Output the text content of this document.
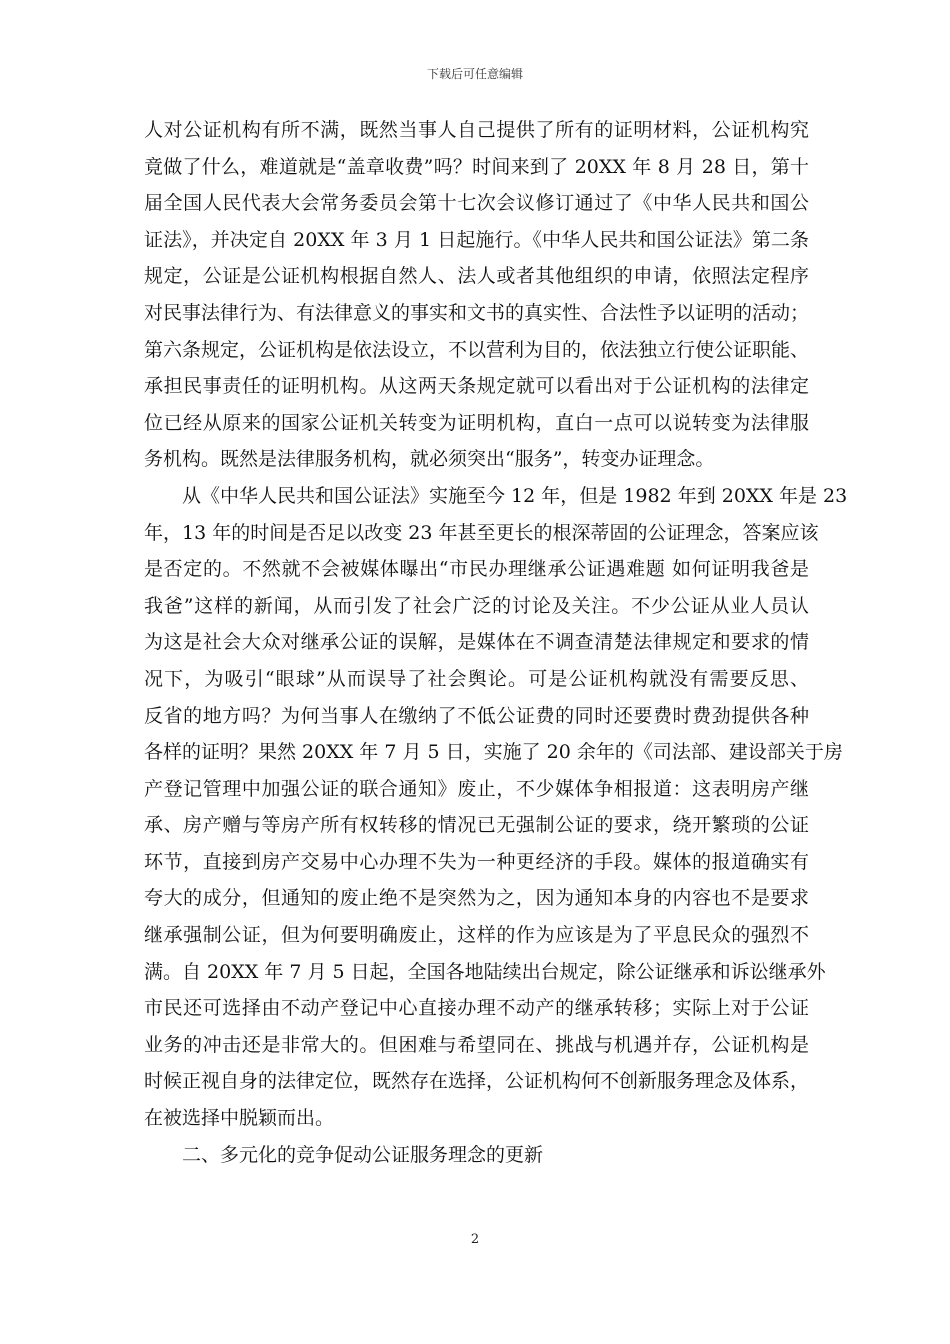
下载后可任意编辑
人对公证机构有所不满，既然当事人自己提供了所有的证明材料，公证机构究
竟做了什么，难道就是“盖章收费”吗？时间来到了 20XX 年 8 月 28 日，第十
届全国人民代表大会常务委员会第十七次会议修订通过了《中华人民共和国公
证法》，并决定自 20XX 年 3 月 1 日起施行。《中华人民共和国公证法》第二条
规定，公证是公证机构根据自然人、法人或者其他组织的申请，依照法定程序
对民事法律行为、有法律意义的事实和文书的真实性、合法性予以证明的活动；
第六条规定，公证机构是依法设立，不以营利为目的，依法独立行使公证职能、
承担民事责任的证明机构。从这两天条规定就可以看出对于公证机构的法律定
位已经从原来的国家公证机关转变为证明机构，直白一点可以说转变为法律服
务机构。既然是法律服务机构，就必须突出“服务”，转变办证理念。
从《中华人民共和国公证法》实施至今 12 年，但是 1982 年到 20XX 年是 23
年，13 年的时间是否足以改变 23 年甚至更长的根深蒂固的公证理念，答案应该
是否定的。不然就不会被媒体曝出“市民办理继承公证遇难题 如何证明我爸是
我爸”这样的新闻，从而引发了社会广泛的讨论及关注。不少公证从业人员认
为这是社会大众对继承公证的误解，是媒体在不调查清楚法律规定和要求的情
况下，为吸引“眼球”从而误导了社会舆论。可是公证机构就没有需要反思、
反省的地方吗？为何当事人在缴纳了不低公证费的同时还要费时费劲提供各种
各样的证明？果然 20XX 年 7 月 5 日，实施了 20 余年的《司法部、建设部关于房
产登记管理中加强公证的联合通知》废止，不少媒体争相报道：这表明房产继
承、房产赠与等房产所有权转移的情况已无强制公证的要求，绕开繁琐的公证
环节，直接到房产交易中心办理不失为一种更经济的手段。媒体的报道确实有
夸大的成分，但通知的废止绝不是突然为之，因为通知本身的内容也不是要求
继承强制公证，但为何要明确废止，这样的作为应该是为了平息民众的强烈不
满。自 20XX 年 7 月 5 日起，全国各地陆续出台规定，除公证继承和诉讼继承外
市民还可选择由不动产登记中心直接办理不动产的继承转移；实际上对于公证
业务的冲击还是非常大的。但困难与希望同在、挑战与机遇并存，公证机构是
时候正视自身的法律定位，既然存在选择，公证机构何不创新服务理念及体系，
在被选择中脱颖而出。
二、多元化的竞争促动公证服务理念的更新
2
